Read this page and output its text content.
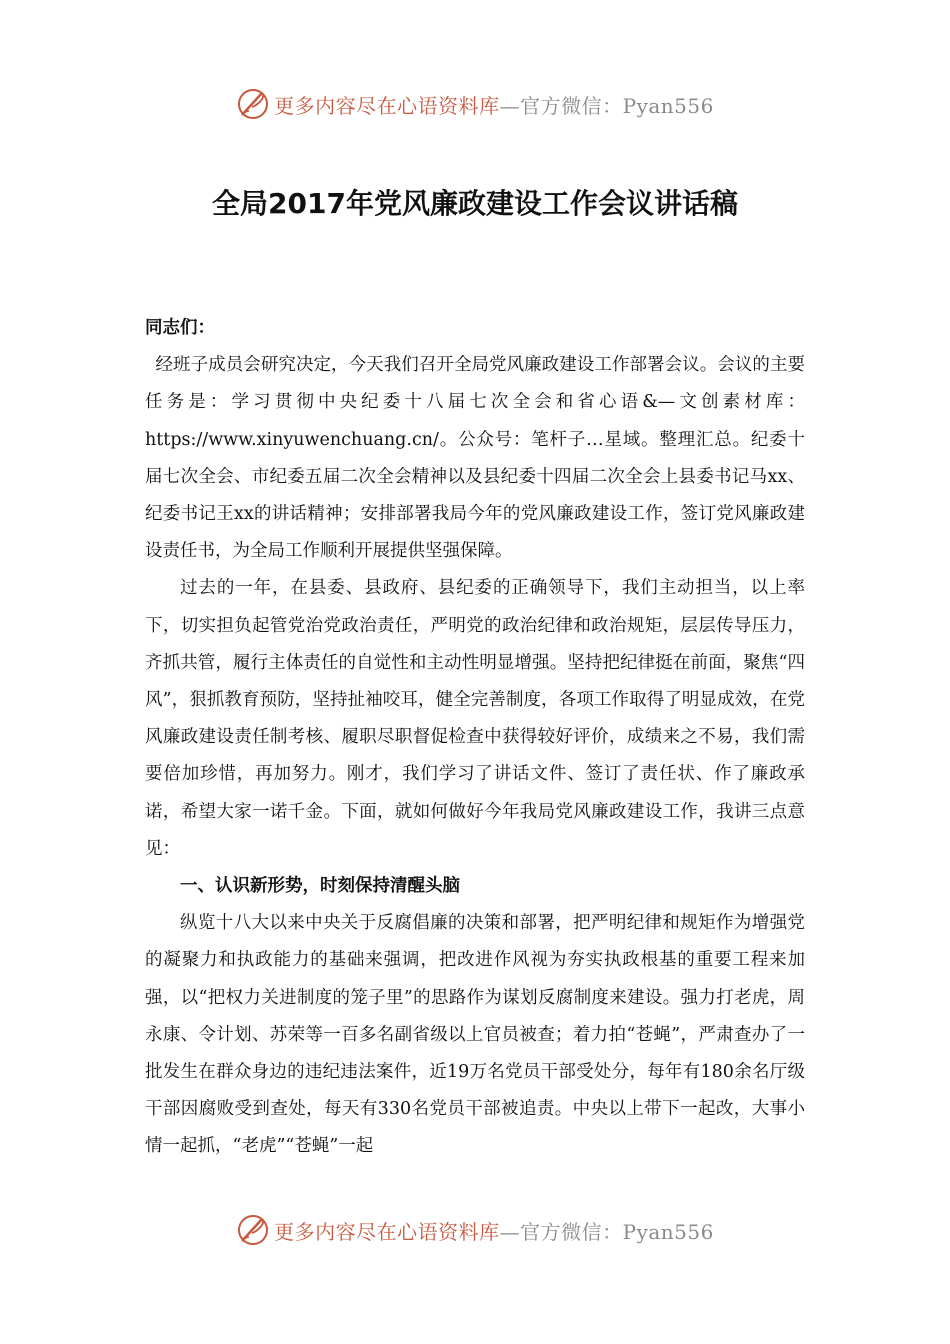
更多内容尽在心语资料库 —官方微信：Pyan556
全局2017年党风廉政建设工作会议讲话稿

同志们：

经班子成员会研究决定，今天我们召开全局党风廉政建设工作部署会议。会议的主要任务是：学习贯彻中央纪委十八届七次全会和省心语&—文创素材库：https://www.xinyuwenchuang.cn/。公众号：笔杆子…星域。整理汇总。纪委十届七次全会、市纪委五届二次全会精神以及县纪委十四届二次全会上县委书记马xx、纪委书记王xx的讲话精神；安排部署我局今年的党风廉政建设工作，签订党风廉政建设责任书，为全局工作顺利开展提供坚强保障。

过去的一年，在县委、县政府、县纪委的正确领导下，我们主动担当，以上率下，切实担负起管党治党政治责任，严明党的政治纪律和政治规矩，层层传导压力，齐抓共管，履行主体责任的自觉性和主动性明显增强。坚持把纪律挺在前面，聚焦“四风”，狠抓教育预防，坚持扯袖咬耳，健全完善制度，各项工作取得了明显成效，在党风廉政建设责任制考核、履职尽职督促检查中获得较好评价，成绩来之不易，我们需要倍加珍惜，再加努力。刚才，我们学习了讲话文件、签订了责任状、作了廉政承诺，希望大家一诺千金。下面，就如何做好今年我局党风廉政建设工作，我讲三点意见：

一、认识新形势，时刻保持清醒头脑

纵览十八大以来中央关于反腐倡廉的决策和部署，把严明纪律和规矩作为增强党的凝聚力和执政能力的基础来强调，把改进作风视为夯实执政根基的重要工程来加强，以“把权力关进制度的笼子里”的思路作为谋划反腐制度来建设。强力打老虎，周永康、令计划、苏荣等一百多名副省级以上官员被查；着力拍“苍蝇”，严肃查办了一批发生在群众身边的违纪违法案件，近19万名党员干部受处分，每年有180余名厅级干部因腐败受到查处，每天有330名党员干部被追责。中央以上带下一起改，大事小情一起抓，“老虎”“苍蝇”一起

更多内容尽在心语资料库 —官方微信：Pyan556
